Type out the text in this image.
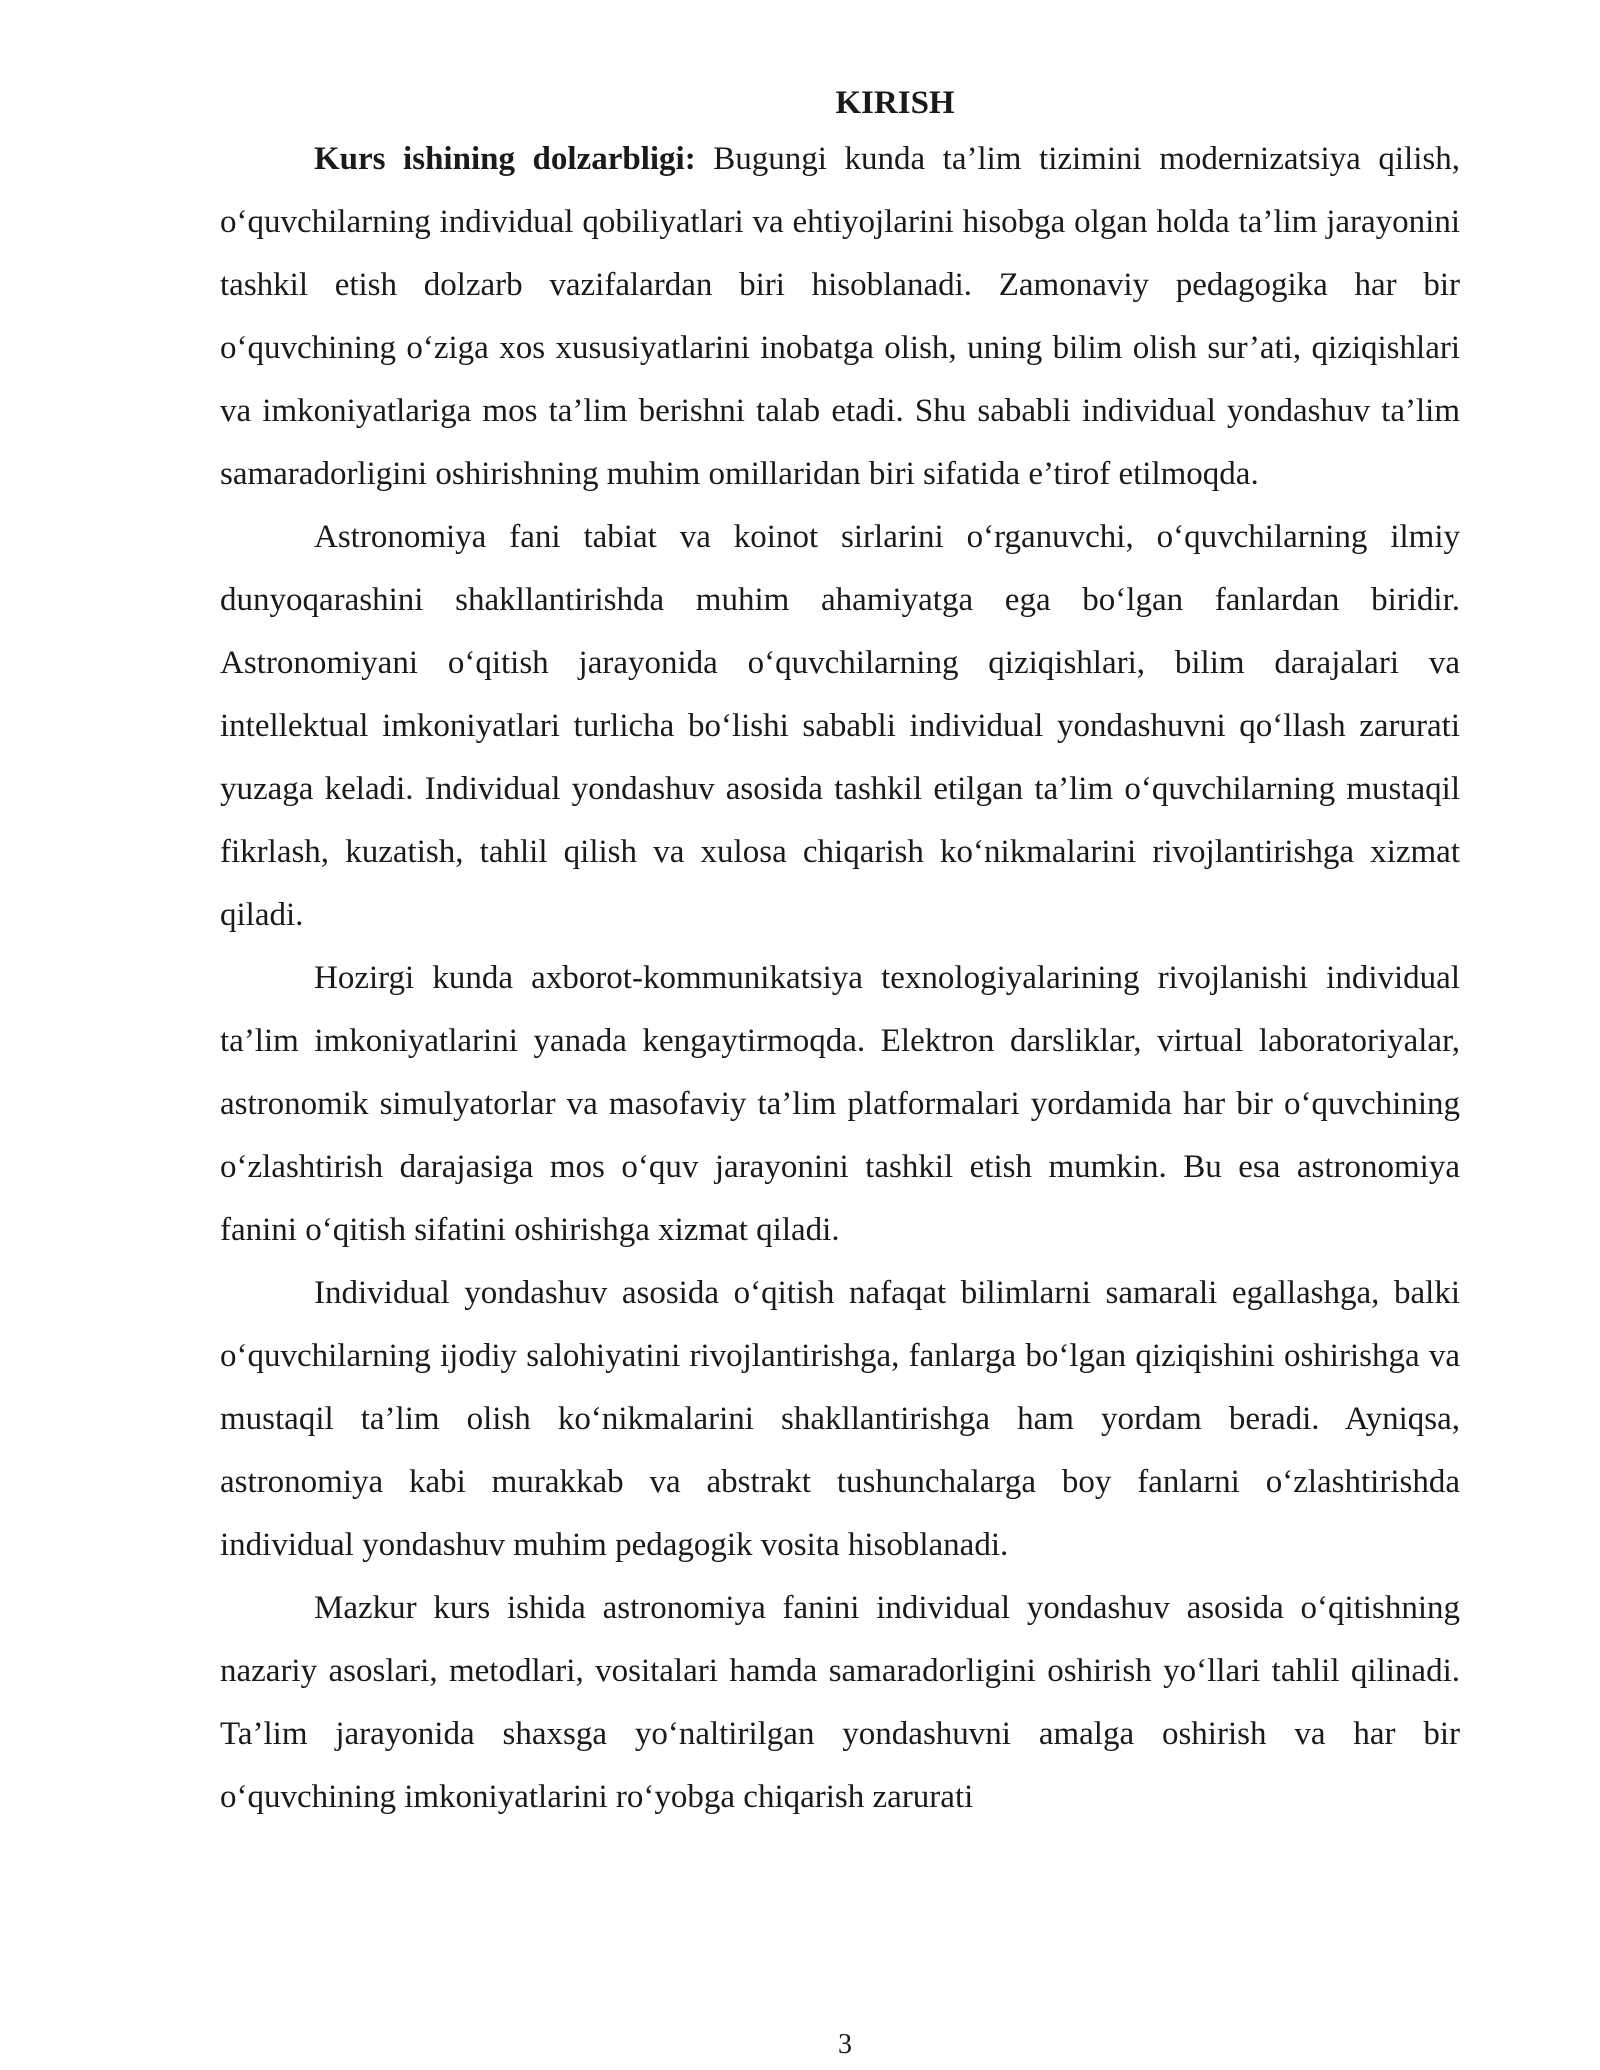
KIRISH

Kurs ishining dolzarbligi: Bugungi kunda ta’lim tizimini modernizatsiya qilish, o‘quvchilarning individual qobiliyatlari va ehtiyojlarini hisobga olgan holda ta’lim jarayonini tashkil etish dolzarb vazifalardan biri hisoblanadi. Zamonaviy pedagogika har bir o‘quvchining o‘ziga xos xususiyatlarini inobatga olish, uning bilim olish sur’ati, qiziqishlari va imkoniyatlariga mos ta’lim berishni talab etadi. Shu sababli individual yondashuv ta’lim samaradorligini oshirishning muhim omillaridan biri sifatida e’tirof etilmoqda.

Astronomiya fani tabiat va koinot sirlarini o‘rganuvchi, o‘quvchilarning ilmiy dunyoqarashini shakllantirishda muhim ahamiyatga ega bo‘lgan fanlardan biridir. Astronomiyani o‘qitish jarayonida o‘quvchilarning qiziqishlari, bilim darajalari va intellektual imkoniyatlari turlicha bo‘lishi sababli individual yondashuvni qo‘llash zarurati yuzaga keladi. Individual yondashuv asosida tashkil etilgan ta’lim o‘quvchilarning mustaqil fikrlash, kuzatish, tahlil qilish va xulosa chiqarish ko‘nikmalarini rivojlantirishga xizmat qiladi.

Hozirgi kunda axborot-kommunikatsiya texnologiyalarining rivojlanishi individual ta’lim imkoniyatlarini yanada kengaytirmoqda. Elektron darsliklar, virtual laboratoriyalar, astronomik simulyatorlar va masofaviy ta’lim platformalari yordamida har bir o‘quvchining o‘zlashtirish darajasiga mos o‘quv jarayonini tashkil etish mumkin. Bu esa astronomiya fanini o‘qitish sifatini oshirishga xizmat qiladi.

Individual yondashuv asosida o‘qitish nafaqat bilimlarni samarali egallashga, balki o‘quvchilarning ijodiy salohiyatini rivojlantirishga, fanlarga bo‘lgan qiziqishini oshirishga va mustaqil ta’lim olish ko‘nikmalarini shakllantirishga ham yordam beradi. Ayniqsa, astronomiya kabi murakkab va abstrakt tushunchalarga boy fanlarni o‘zlashtirishda individual yondashuv muhim pedagogik vosita hisoblanadi.

Mazkur kurs ishida astronomiya fanini individual yondashuv asosida o‘qitishning nazariy asoslari, metodlari, vositalari hamda samaradorligini oshirish yo‘llari tahlil qilinadi. Ta’lim jarayonida shaxsga yo‘naltirilgan yondashuvni amalga oshirish va har bir o‘quvchining imkoniyatlarini ro‘yobga chiqarish zarurati

3
